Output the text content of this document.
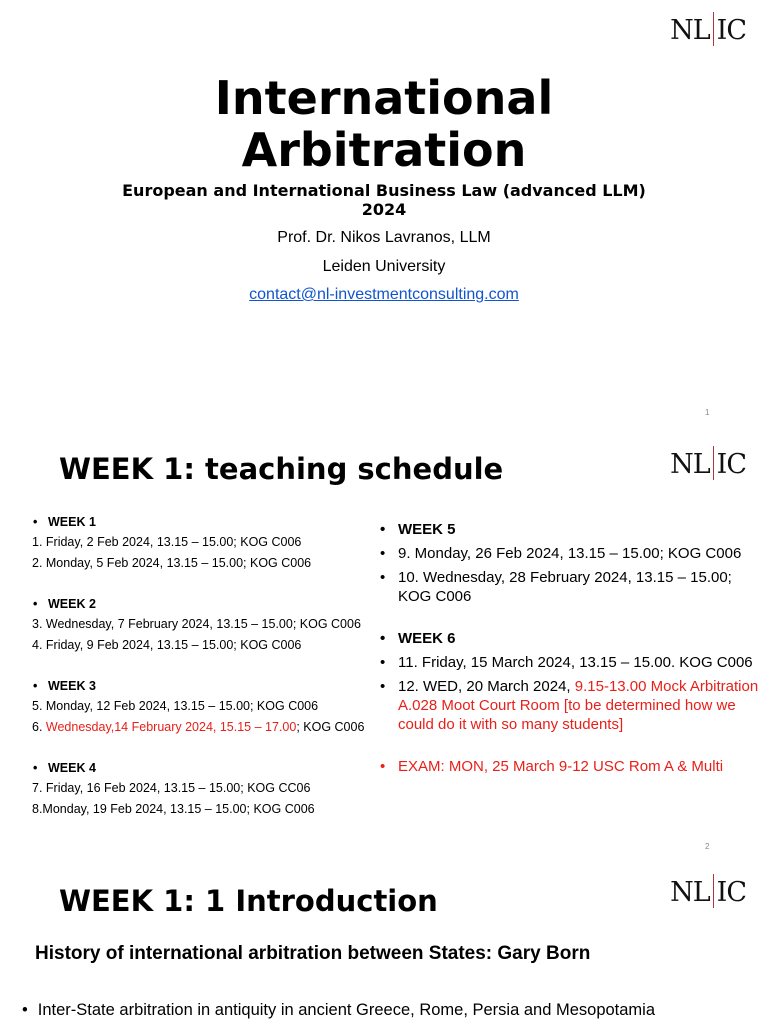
NL IC
International
Arbitration
European and International Business Law (advanced LLM)
2024
Prof. Dr. Nikos Lavranos, LLM
Leiden University
contact@nl-investmentconsulting.com
1
NL IC
WEEK 1: teaching schedule
• WEEK 1
1. Friday, 2 Feb 2024, 13.15 – 15.00; KOG C006
2. Monday, 5 Feb 2024, 13.15 – 15.00; KOG C006
• WEEK 2
3. Wednesday, 7 February 2024, 13.15 – 15.00; KOG C006
4. Friday, 9 Feb 2024, 13.15 – 15.00; KOG C006
• WEEK 3
5. Monday, 12 Feb 2024, 13.15 – 15.00; KOG C006
6. Wednesday,14 February 2024, 15.15 – 17.00; KOG C006
• WEEK 4
7. Friday, 16 Feb 2024, 13.15 – 15.00; KOG CC06
8.Monday, 19 Feb 2024, 13.15 – 15.00; KOG C006
• WEEK 5
• 9. Monday, 26 Feb 2024, 13.15 – 15.00; KOG C006
• 10. Wednesday, 28 February 2024, 13.15 – 15.00; KOG C006
• WEEK 6
• 11. Friday, 15 March 2024, 13.15 – 15.00. KOG C006
• 12. WED, 20 March 2024, 9.15-13.00 Mock Arbitration A.028 Moot Court Room [to be determined how we could do it with so many students]
• EXAM: MON, 25 March 9-12 USC Rom A & Multi
2
NL IC
WEEK 1: 1 Introduction
History of international arbitration between States: Gary Born
• Inter-State arbitration in antiquity in ancient Greece, Rome, Persia and Mesopotamia
